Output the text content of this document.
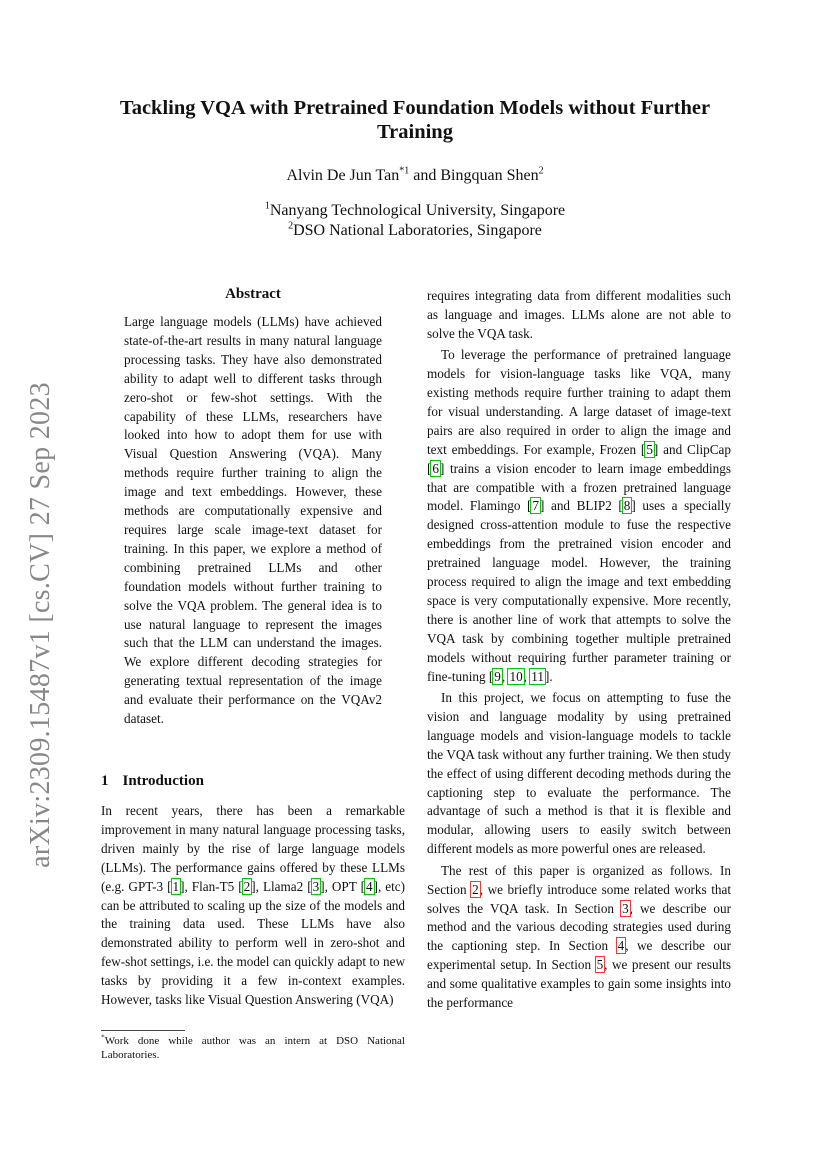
arXiv:2309.15487v1 [cs.CV] 27 Sep 2023
Tackling VQA with Pretrained Foundation Models without Further Training
Alvin De Jun Tan$^{*1}$ and Bingquan Shen$^2$
$^1$Nanyang Technological University, Singapore
$^2$DSO National Laboratories, Singapore
Abstract
Large language models (LLMs) have achieved state-of-the-art results in many natural language processing tasks. They have also demonstrated ability to adapt well to different tasks through zero-shot or few-shot settings. With the capability of these LLMs, researchers have looked into how to adopt them for use with Visual Question Answering (VQA). Many methods require further training to align the image and text embeddings. However, these methods are computationally expensive and requires large scale image-text dataset for training. In this paper, we explore a method of combining pretrained LLMs and other foundation models without further training to solve the VQA problem. The general idea is to use natural language to represent the images such that the LLM can understand the images. We explore different decoding strategies for generating textual representation of the image and evaluate their performance on the VQAv2 dataset.
1 Introduction
In recent years, there has been a remarkable improvement in many natural language processing tasks, driven mainly by the rise of large language models (LLMs). The performance gains offered by these LLMs (e.g. GPT-3 [1], Flan-T5 [2], Llama2 [3], OPT [4], etc) can be attributed to scaling up the size of the models and the training data used. These LLMs have also demonstrated ability to perform well in zero-shot and few-shot settings, i.e. the model can quickly adapt to new tasks by providing it a few in-context examples. However, tasks like Visual Question Answering (VQA)
*Work done while author was an intern at DSO National Laboratories.

requires integrating data from different modalities such as language and images. LLMs alone are not able to solve the VQA task.

To leverage the performance of pretrained language models for vision-language tasks like VQA, many existing methods require further training to adapt them for visual understanding. A large dataset of image-text pairs are also required in order to align the image and text embeddings. For example, Frozen [5] and ClipCap [6] trains a vision encoder to learn image embeddings that are compatible with a frozen pretrained language model. Flamingo [7] and BLIP2 [8] uses a specially designed cross-attention module to fuse the respective embeddings from the pretrained vision encoder and pretrained language model. However, the training process required to align the image and text embedding space is very computationally expensive. More recently, there is another line of work that attempts to solve the VQA task by combining together multiple pretrained models without requiring further parameter training or fine-tuning [9, 10, 11].

In this project, we focus on attempting to fuse the vision and language modality by using pretrained language models and vision-language models to tackle the VQA task without any further training. We then study the effect of using different decoding methods during the captioning step to evaluate the performance. The advantage of such a method is that it is flexible and modular, allowing users to easily switch between different models as more powerful ones are released.

The rest of this paper is organized as follows. In Section 2, we briefly introduce some related works that solves the VQA task. In Section 3, we describe our method and the various decoding strategies used during the captioning step. In Section 4, we describe our experimental setup. In Section 5, we present our results and some qualitative examples to gain some insights into the performance
